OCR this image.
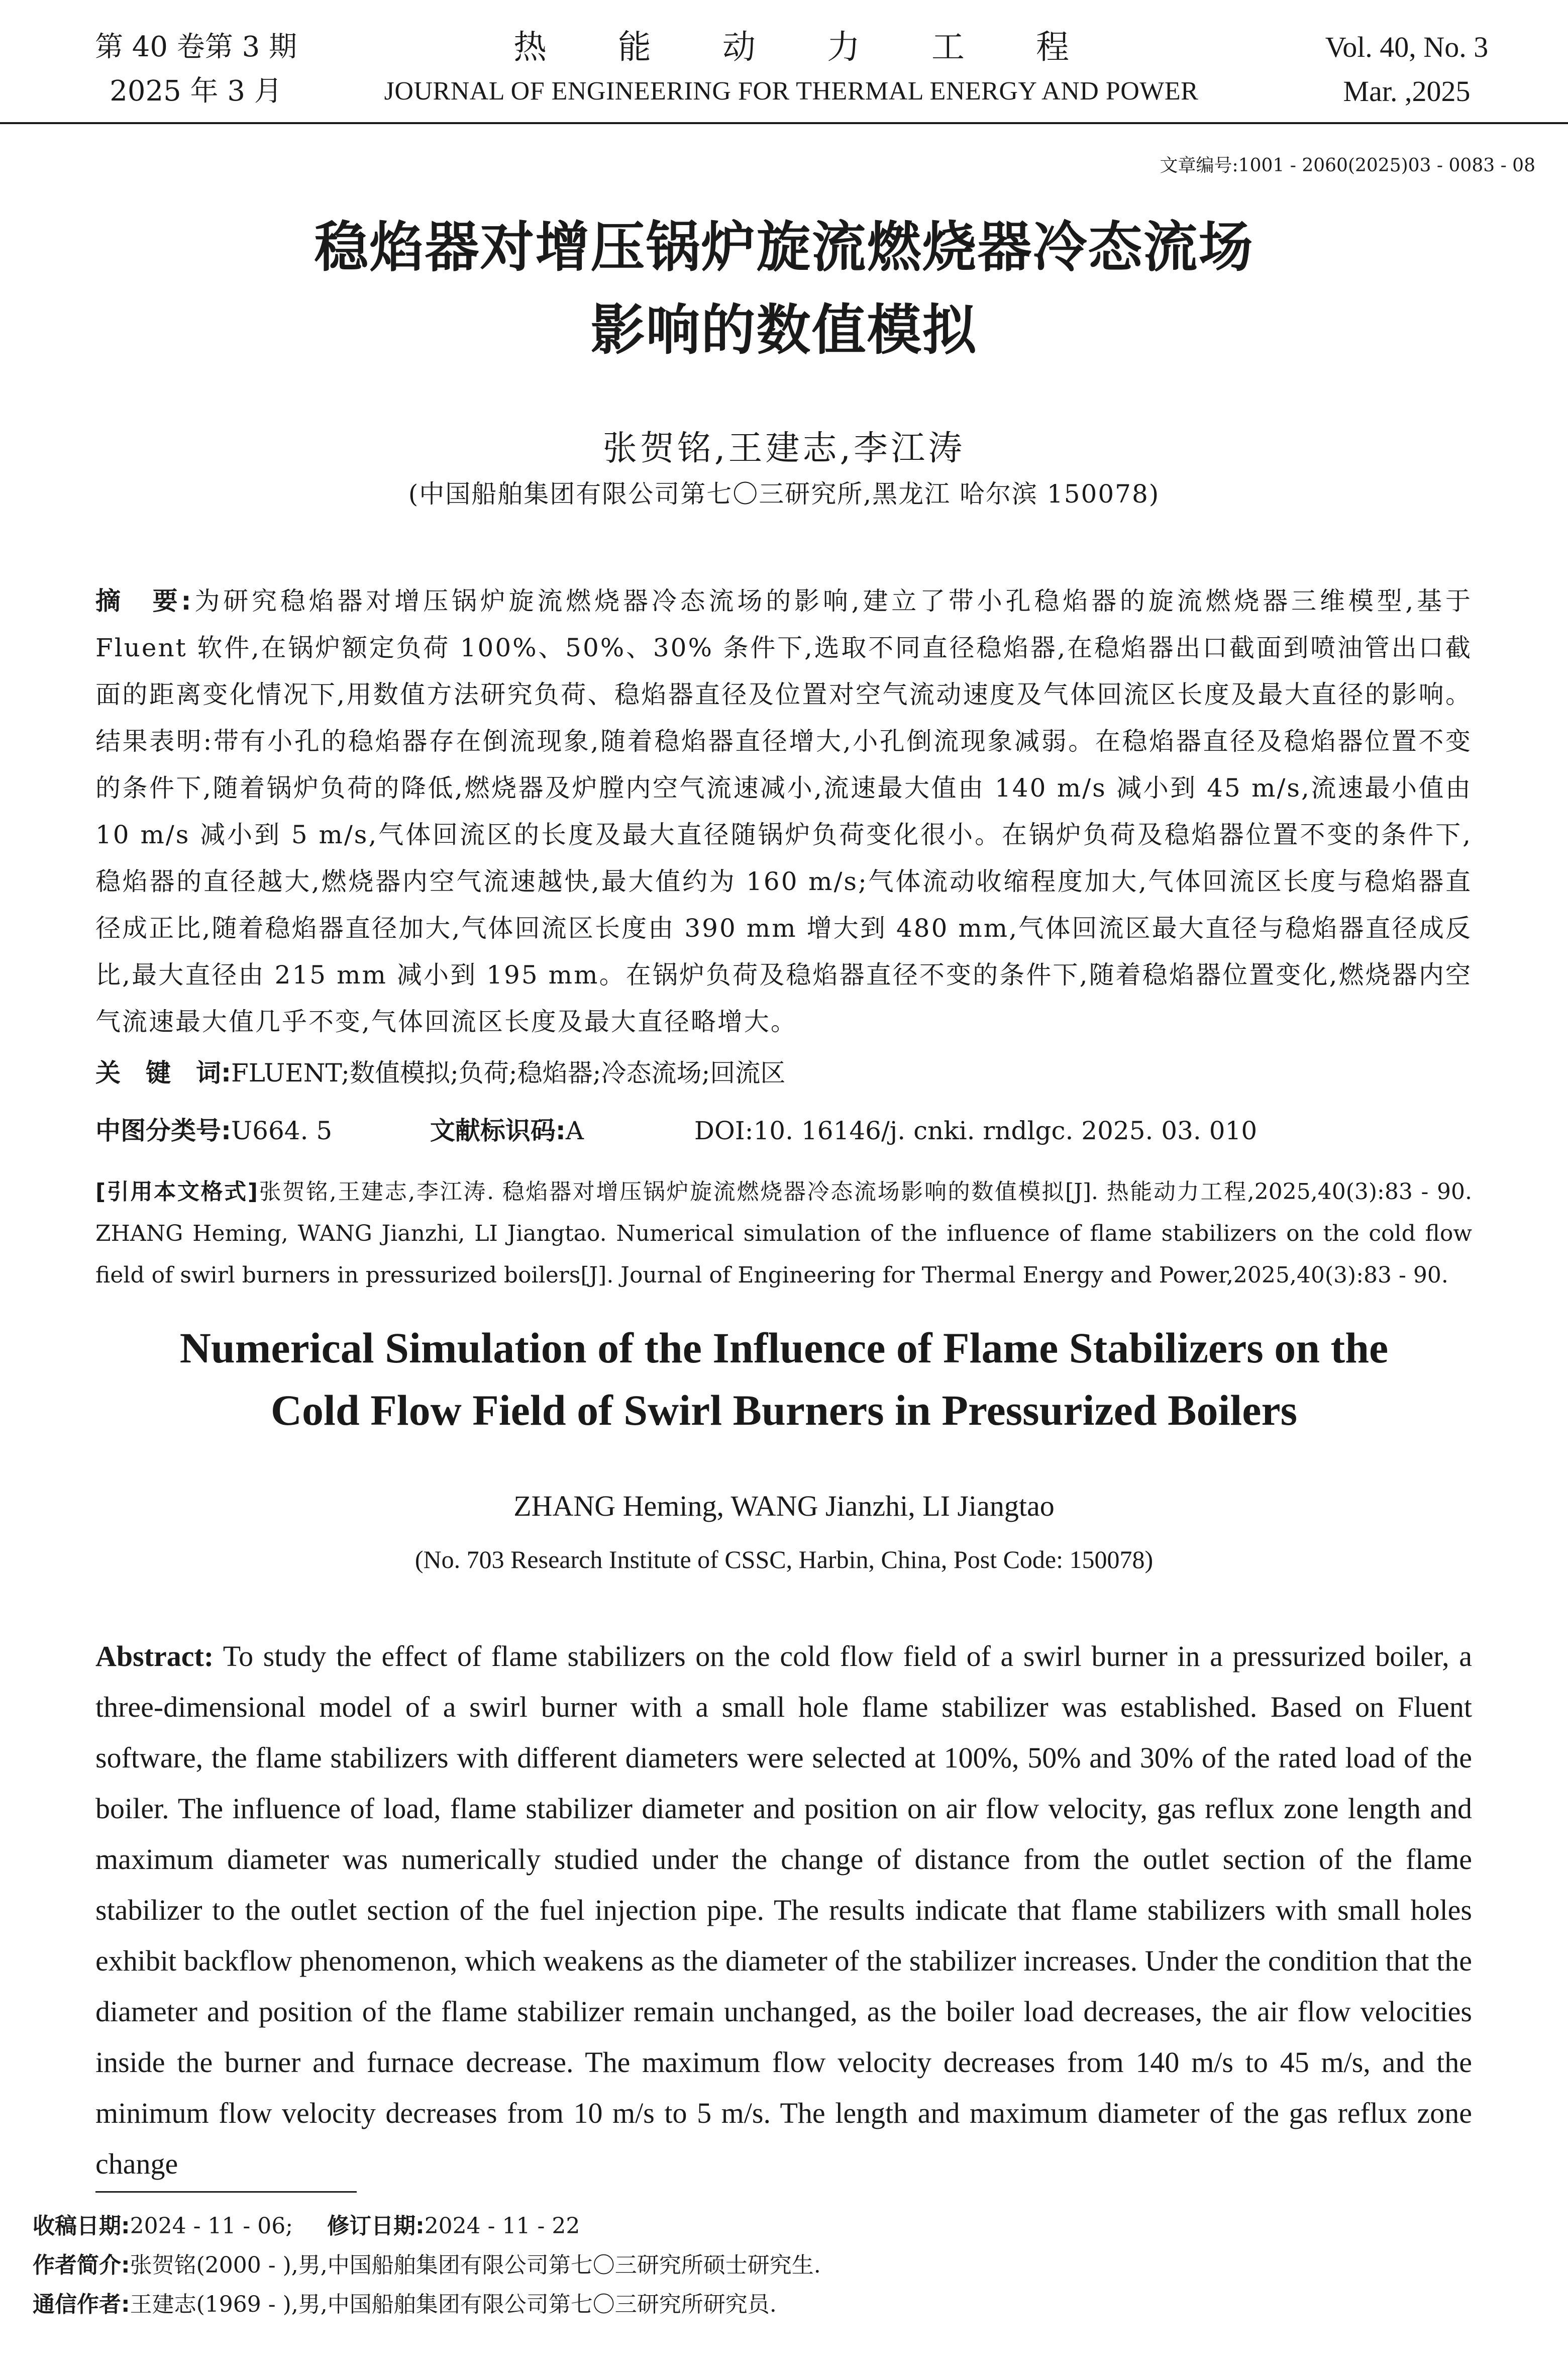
第 40 卷第 3 期
2025 年 3 月
热能动力工程
JOURNAL OF ENGINEERING FOR THERMAL ENERGY AND POWER
Vol. 40, No. 3
Mar. ,2025
文章编号:1001 - 2060(2025)03 - 0083 - 08
稳焰器对增压锅炉旋流燃烧器冷态流场
影响的数值模拟
张贺铭,王建志,李江涛
(中国船舶集团有限公司第七〇三研究所,黑龙江 哈尔滨 150078)
摘　要:为研究稳焰器对增压锅炉旋流燃烧器冷态流场的影响,建立了带小孔稳焰器的旋流燃烧器三维模型,基于 Fluent 软件,在锅炉额定负荷 100%、50%、30% 条件下,选取不同直径稳焰器,在稳焰器出口截面到喷油管出口截面的距离变化情况下,用数值方法研究负荷、稳焰器直径及位置对空气流动速度及气体回流区长度及最大直径的影响。结果表明:带有小孔的稳焰器存在倒流现象,随着稳焰器直径增大,小孔倒流现象减弱。在稳焰器直径及稳焰器位置不变的条件下,随着锅炉负荷的降低,燃烧器及炉膛内空气流速减小,流速最大值由 140 m/s 减小到 45 m/s,流速最小值由 10 m/s 减小到 5 m/s,气体回流区的长度及最大直径随锅炉负荷变化很小。在锅炉负荷及稳焰器位置不变的条件下,稳焰器的直径越大,燃烧器内空气流速越快,最大值约为 160 m/s;气体流动收缩程度加大,气体回流区长度与稳焰器直径成正比,随着稳焰器直径加大,气体回流区长度由 390 mm 增大到 480 mm,气体回流区最大直径与稳焰器直径成反比,最大直径由 215 mm 减小到 195 mm。在锅炉负荷及稳焰器直径不变的条件下,随着稳焰器位置变化,燃烧器内空气流速最大值几乎不变,气体回流区长度及最大直径略增大。
关　键　词:FLUENT;数值模拟;负荷;稳焰器;冷态流场;回流区
中图分类号:U664. 5	文献标识码:A	DOI:10. 16146/j. cnki. rndlgc. 2025. 03. 010
[引用本文格式]张贺铭,王建志,李江涛. 稳焰器对增压锅炉旋流燃烧器冷态流场影响的数值模拟[J]. 热能动力工程,2025,40(3):83 - 90. ZHANG Heming, WANG Jianzhi, LI Jiangtao. Numerical simulation of the influence of flame stabilizers on the cold flow field of swirl burners in pressurized boilers[J]. Journal of Engineering for Thermal Energy and Power,2025,40(3):83 - 90.
Numerical Simulation of the Influence of Flame Stabilizers on the
Cold Flow Field of Swirl Burners in Pressurized Boilers
ZHANG Heming, WANG Jianzhi, LI Jiangtao
(No. 703 Research Institute of CSSC, Harbin, China, Post Code: 150078)
Abstract: To study the effect of flame stabilizers on the cold flow field of a swirl burner in a pressurized boiler, a three-dimensional model of a swirl burner with a small hole flame stabilizer was established. Based on Fluent software, the flame stabilizers with different diameters were selected at 100%, 50% and 30% of the rated load of the boiler. The influence of load, flame stabilizer diameter and position on air flow velocity, gas reflux zone length and maximum diameter was numerically studied under the change of distance from the outlet section of the flame stabilizer to the outlet section of the fuel injection pipe. The results indicate that flame stabilizers with small holes exhibit backflow phenomenon, which weakens as the diameter of the stabilizer increases. Under the condition that the diameter and position of the flame stabilizer remain unchanged, as the boiler load decreases, the air flow velocities inside the burner and furnace decrease. The maximum flow velocity decreases from 140 m/s to 45 m/s, and the minimum flow velocity decreases from 10 m/s to 5 m/s. The length and maximum diameter of the gas reflux zone change
收稿日期:2024 - 11 - 06; 修订日期:2024 - 11 - 22
作者简介:张贺铭(2000 - ),男,中国船舶集团有限公司第七〇三研究所硕士研究生.
通信作者:王建志(1969 - ),男,中国船舶集团有限公司第七〇三研究所研究员.
